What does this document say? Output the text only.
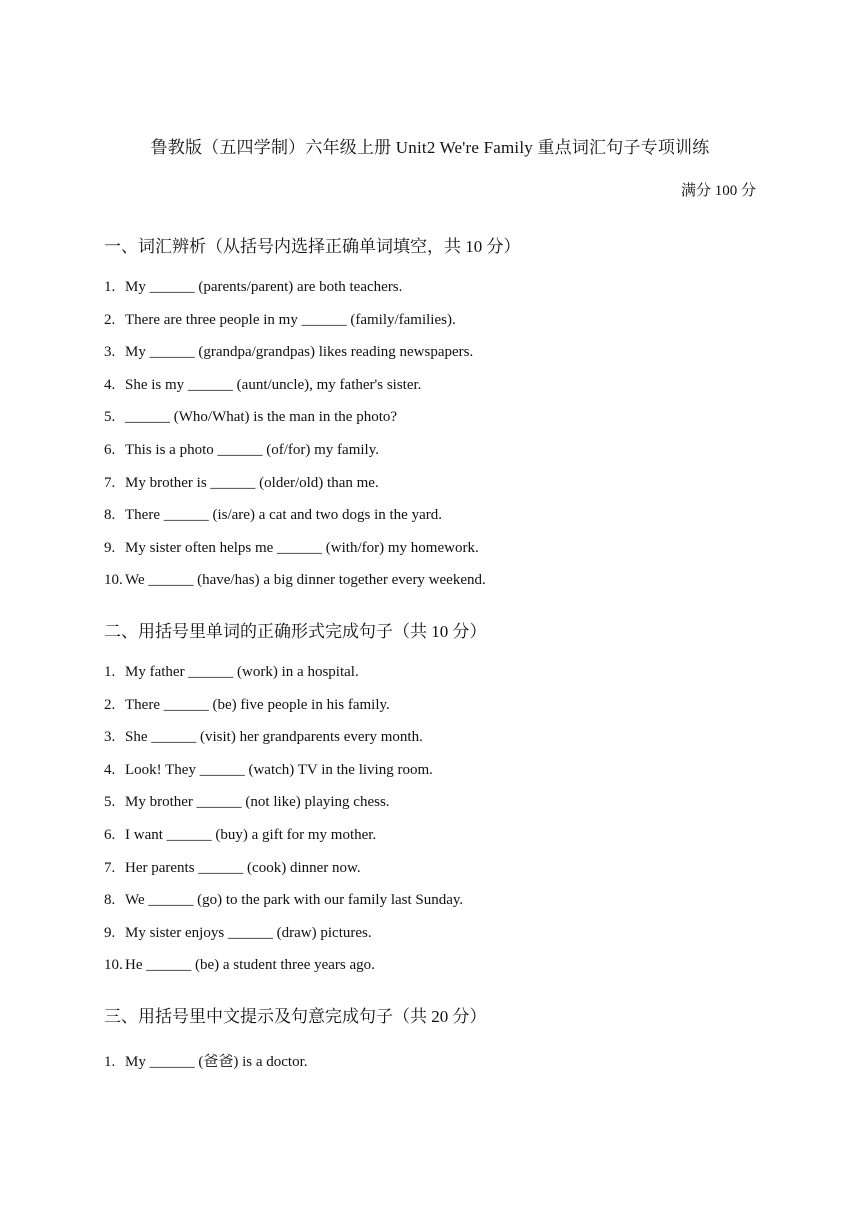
鲁教版（五四学制）六年级上册 Unit2 We're Family 重点词汇句子专项训练
满分 100 分
一、词汇辨析（从括号内选择正确单词填空，共 10 分）
1. My ______ (parents/parent) are both teachers.
2. There are three people in my ______ (family/families).
3. My ______ (grandpa/grandpas) likes reading newspapers.
4. She is my ______ (aunt/uncle), my father's sister.
5. ______ (Who/What) is the man in the photo?
6. This is a photo ______ (of/for) my family.
7. My brother is ______ (older/old) than me.
8. There ______ (is/are) a cat and two dogs in the yard.
9. My sister often helps me ______ (with/for) my homework.
10. We ______ (have/has) a big dinner together every weekend.
二、用括号里单词的正确形式完成句子（共 10 分）
1. My father ______ (work) in a hospital.
2. There ______ (be) five people in his family.
3. She ______ (visit) her grandparents every month.
4. Look! They ______ (watch) TV in the living room.
5. My brother ______ (not like) playing chess.
6. I want ______ (buy) a gift for my mother.
7. Her parents ______ (cook) dinner now.
8. We ______ (go) to the park with our family last Sunday.
9. My sister enjoys ______ (draw) pictures.
10. He ______ (be) a student three years ago.
三、用括号里中文提示及句意完成句子（共 20 分）
1. My ______ (爸爸) is a doctor.
